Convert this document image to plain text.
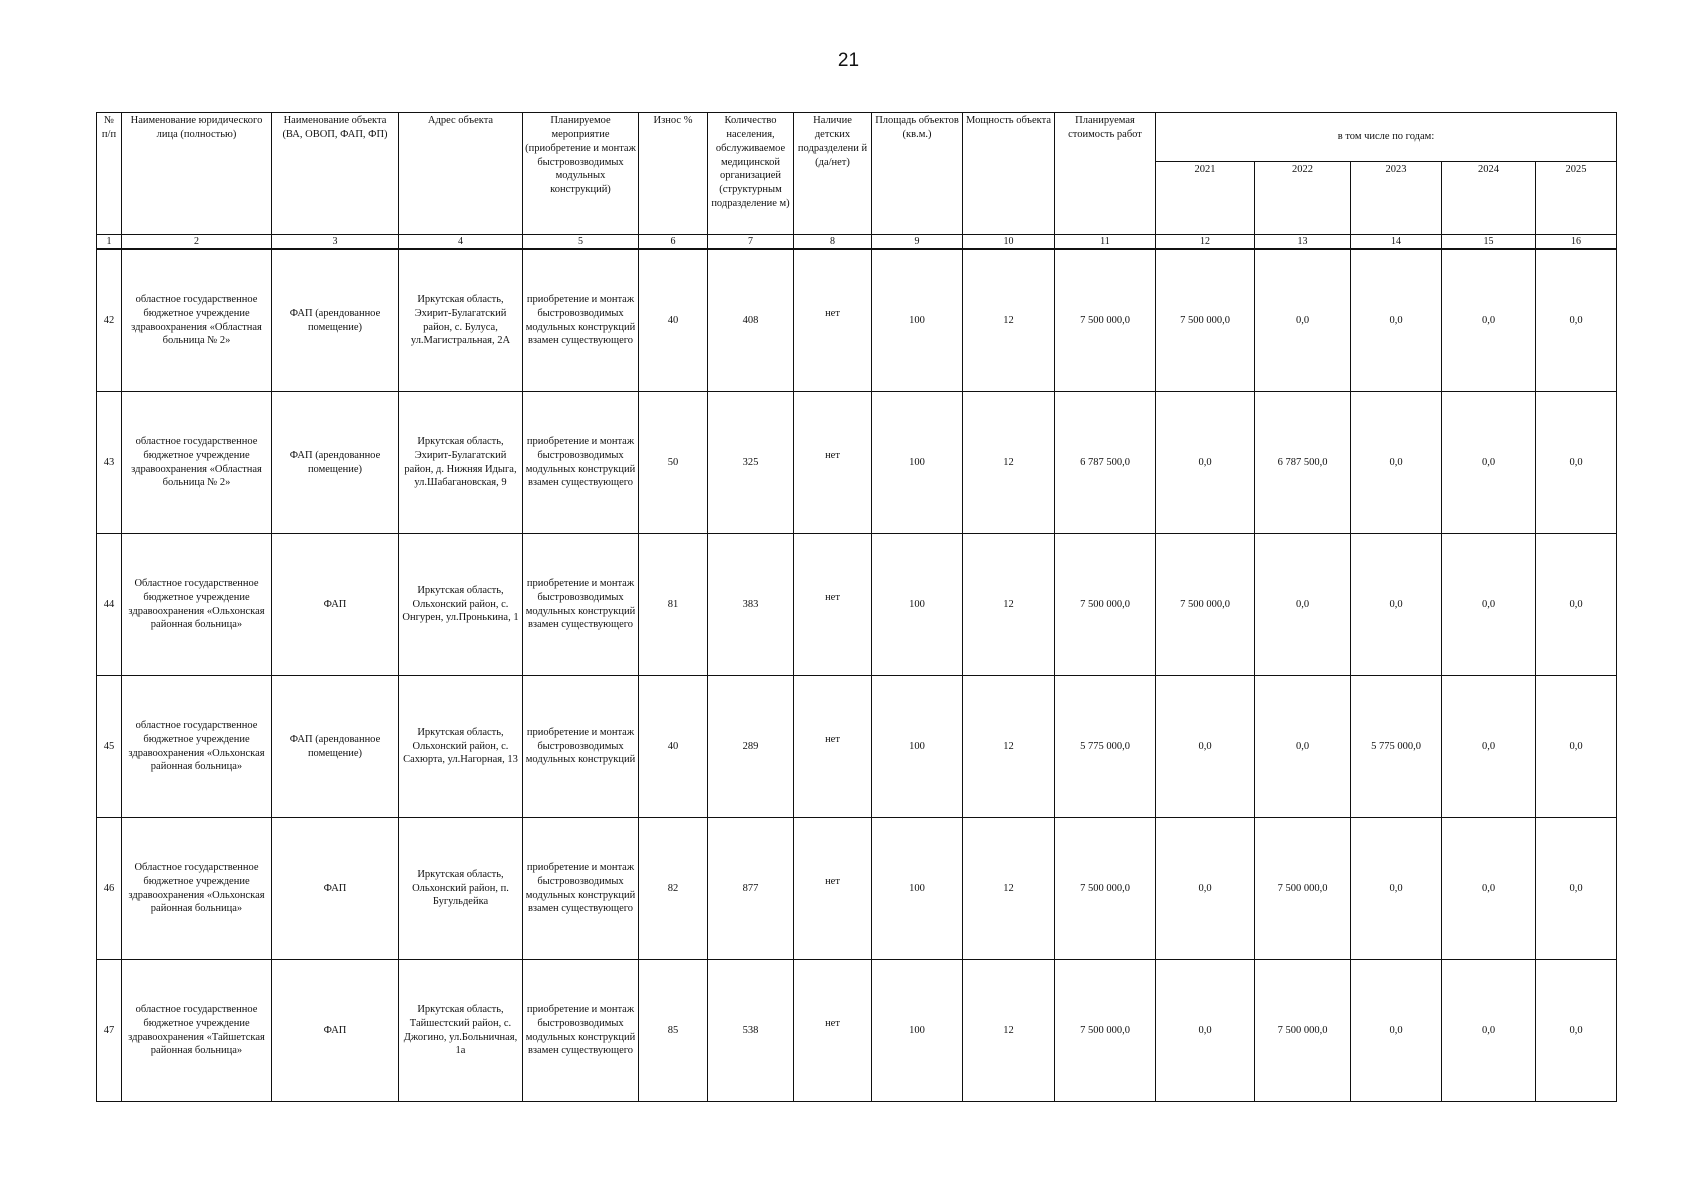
21
№ п/п	Наименование юридического лица (полностью)	Наименование объекта (ВА, ОВОП, ФАП, ФП)	Адрес объекта	Планируемое мероприятие (приобретение и монтаж быстровозводимых модульных конструкций)	Износ %	Количество населения, обслуживаемое медицинской организацией (структурным подразделение м)	Наличие детских подразделени й (да/нет)	Площадь объектов (кв.м.)	Мощность объекта	Планируемая стоимость работ	в том числе по годам:				
											2021	2022	2023	2024	2025
1	2	3	4	5	6	7	8	9	10	11	12	13	14	15	16

42	областное государственное бюджетное учреждение здравоохранения «Областная больница № 2»	ФАП (арендованное помещение)	Иркутская область, Эхирит-Булагатский район, с. Булуса, ул.Магистральная, 2А	приобретение и монтаж быстровозводимых модульных конструкций взамен существующего	40	408	нет	100	12	7 500 000,0	7 500 000,0	0,0	0,0	0,0	0,0
43	областное государственное бюджетное учреждение здравоохранения «Областная больница № 2»	ФАП (арендованное помещение)	Иркутская область, Эхирит-Булагатский район, д. Нижняя Идыга, ул.Шабагановская, 9	приобретение и монтаж быстровозводимых модульных конструкций взамен существующего	50	325	нет	100	12	6 787 500,0	0,0	6 787 500,0	0,0	0,0	0,0
44	Областное государственное бюджетное учреждение здравоохранения «Ольхонская районная больница»	ФАП	Иркутская область, Ольхонский район, с. Онгурен, ул.Пронькина, 1	приобретение и монтаж быстровозводимых модульных конструкций взамен существующего	81	383	нет	100	12	7 500 000,0	7 500 000,0	0,0	0,0	0,0	0,0
45	областное государственное бюджетное учреждение здравоохранения «Ольхонская районная больница»	ФАП (арендованное помещение)	Иркутская область, Ольхонский район, с. Сахюрта, ул.Нагорная, 13	приобретение и монтаж быстровозводимых модульных конструкций	40	289	нет	100	12	5 775 000,0	0,0	0,0	5 775 000,0	0,0	0,0
46	Областное государственное бюджетное учреждение здравоохранения «Ольхонская районная больница»	ФАП	Иркутская область, Ольхонский район, п. Бугульдейка	приобретение и монтаж быстровозводимых модульных конструкций взамен существующего	82	877	нет	100	12	7 500 000,0	0,0	7 500 000,0	0,0	0,0	0,0
47	областное государственное бюджетное учреждение здравоохранения «Тайшетская районная больница»	ФАП	Иркутская область, Тайшестский район, с. Джогино, ул.Больничная, 1а	приобретение и монтаж быстровозводимых модульных конструкций взамен существующего	85	538	нет	100	12	7 500 000,0	0,0	7 500 000,0	0,0	0,0	0,0
